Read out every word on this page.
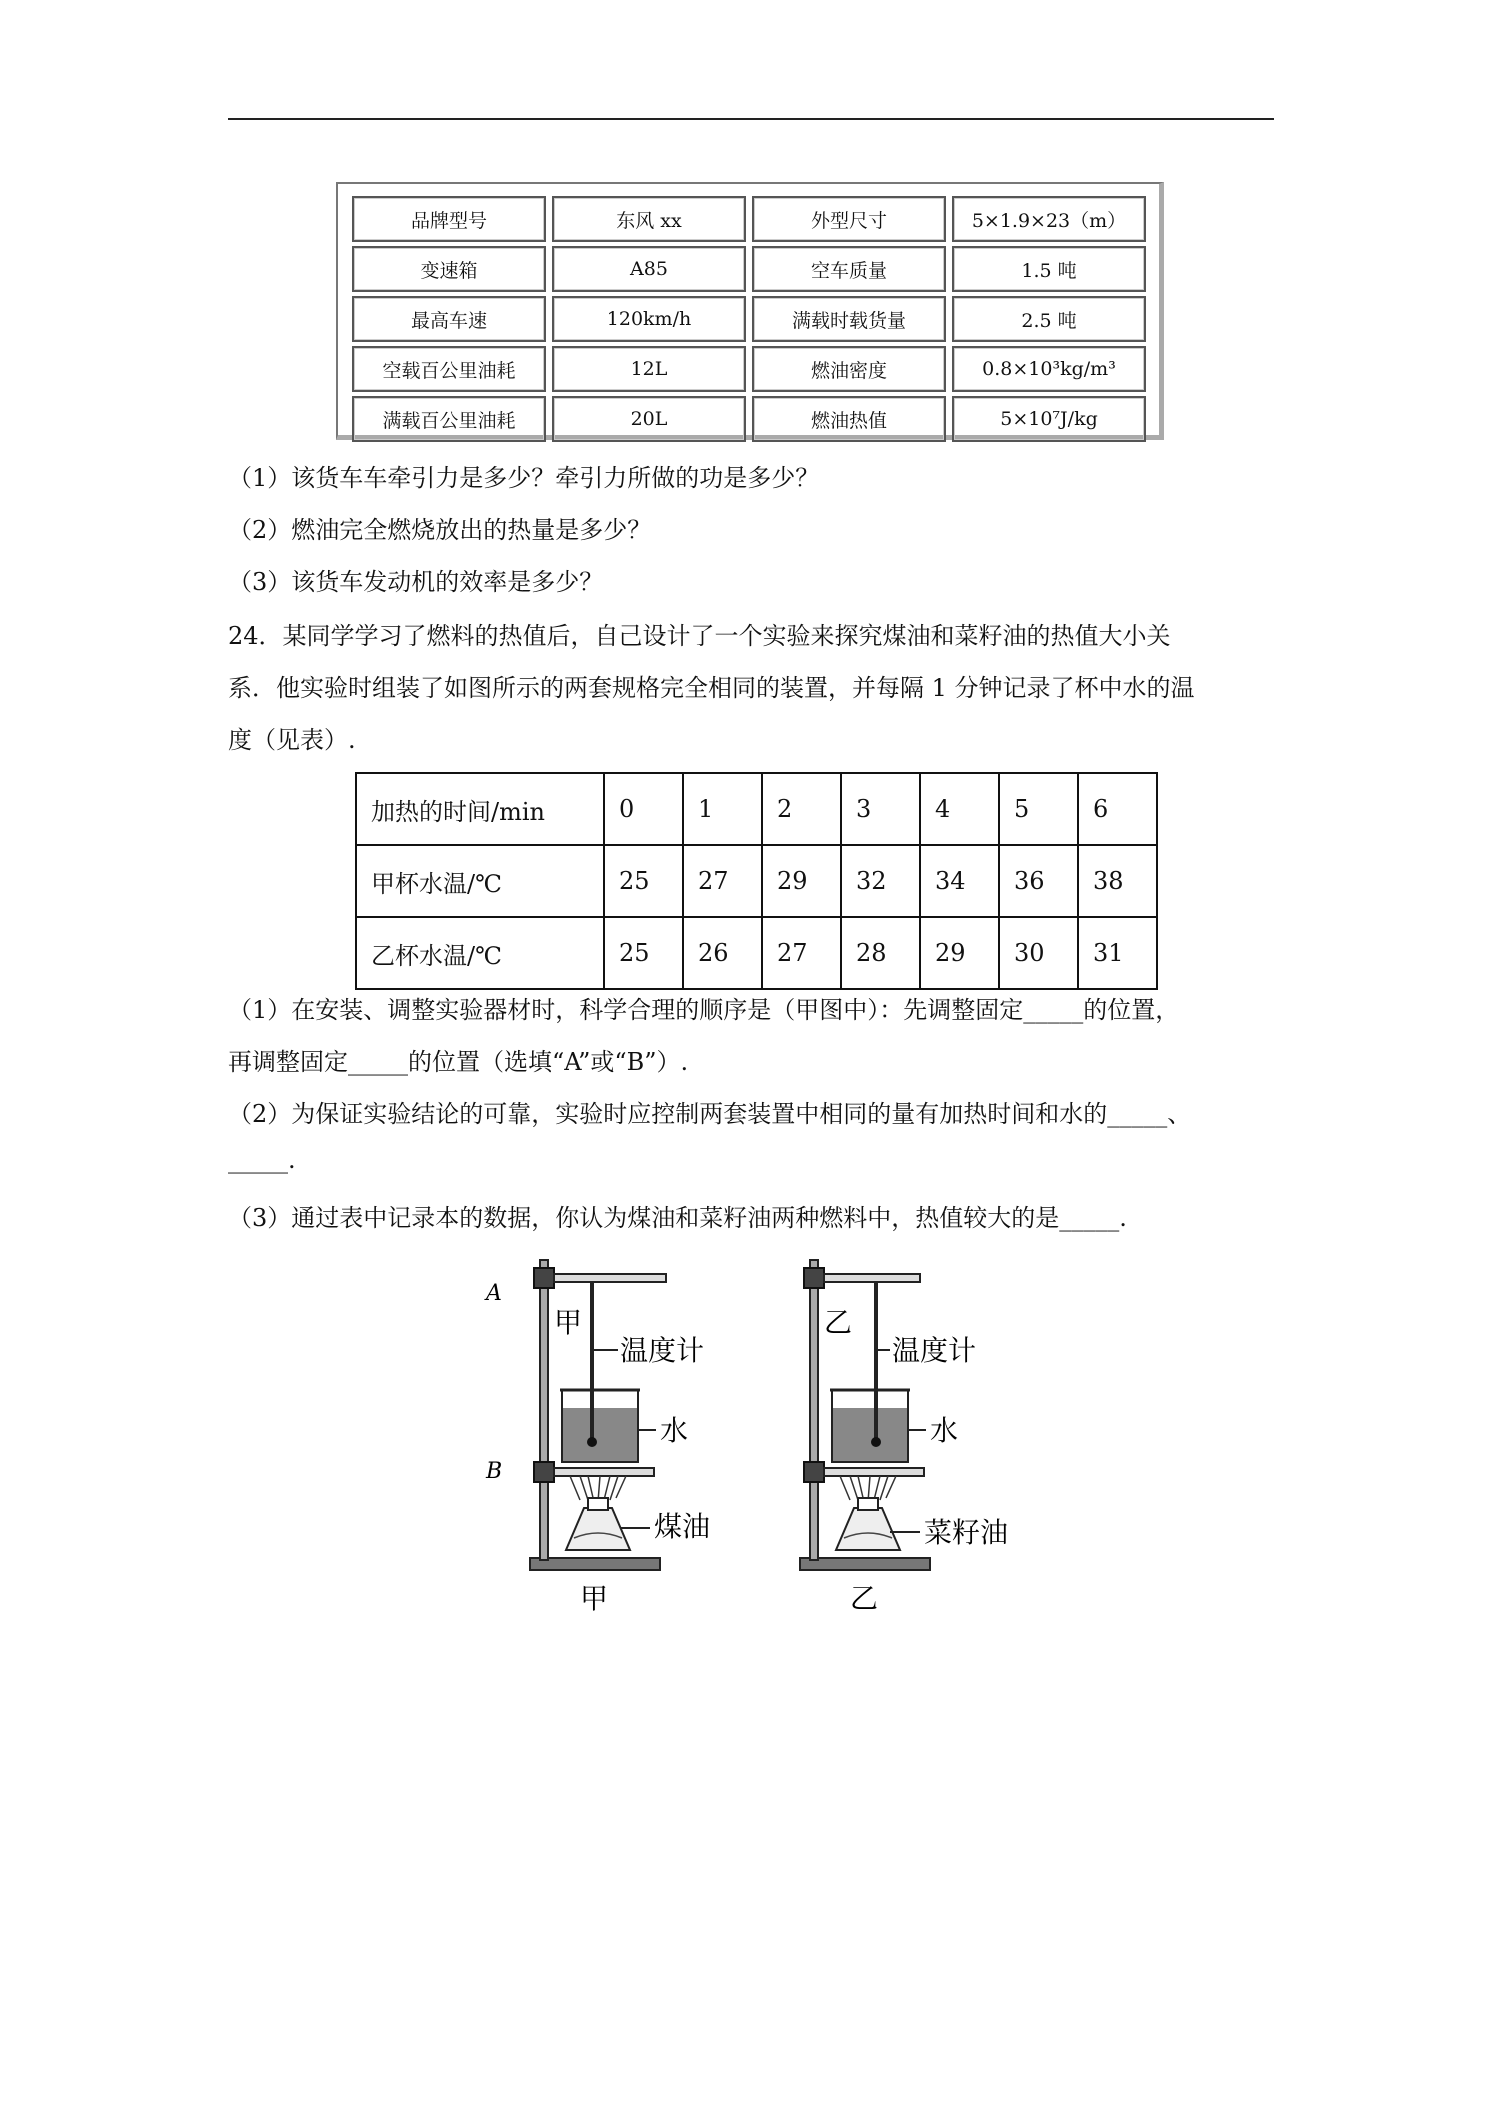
品牌型号	东风 xx	外型尺寸	5×1.9×23（m）
变速箱	A85	空车质量	1.5 吨
最高车速	120km/h	满载时载货量	2.5 吨
空载百公里油耗	12L	燃油密度	0.8×10³kg/m³
满载百公里油耗	20L	燃油热值	5×10⁷J/kg
（1）该货车车牵引力是多少？牵引力所做的功是多少？
（2）燃油完全燃烧放出的热量是多少？
（3）该货车发动机的效率是多少？
24．某同学学习了燃料的热值后，自己设计了一个实验来探究煤油和菜籽油的热值大小关
系．他实验时组装了如图所示的两套规格完全相同的装置，并每隔 1 分钟记录了杯中水的温
度（见表）.
加热的时间/min	0	1	2	3	4	5	6
甲杯水温/℃	25	27	29	32	34	36	38
乙杯水温/℃	25	26	27	28	29	30	31
（1）在安装、调整实验器材时，科学合理的顺序是（甲图中）：先调整固定_____的位置，
再调整固定_____的位置（选填“A”或“B”）.
（2）为保证实验结论的可靠，实验时应控制两套装置中相同的量有加热时间和水的_____、
_____.
（3）通过表中记录本的数据，你认为煤油和菜籽油两种燃料中，热值较大的是_____.
A
B
甲
温度计
水
煤油
甲
乙
温度计
水
菜籽油
乙
